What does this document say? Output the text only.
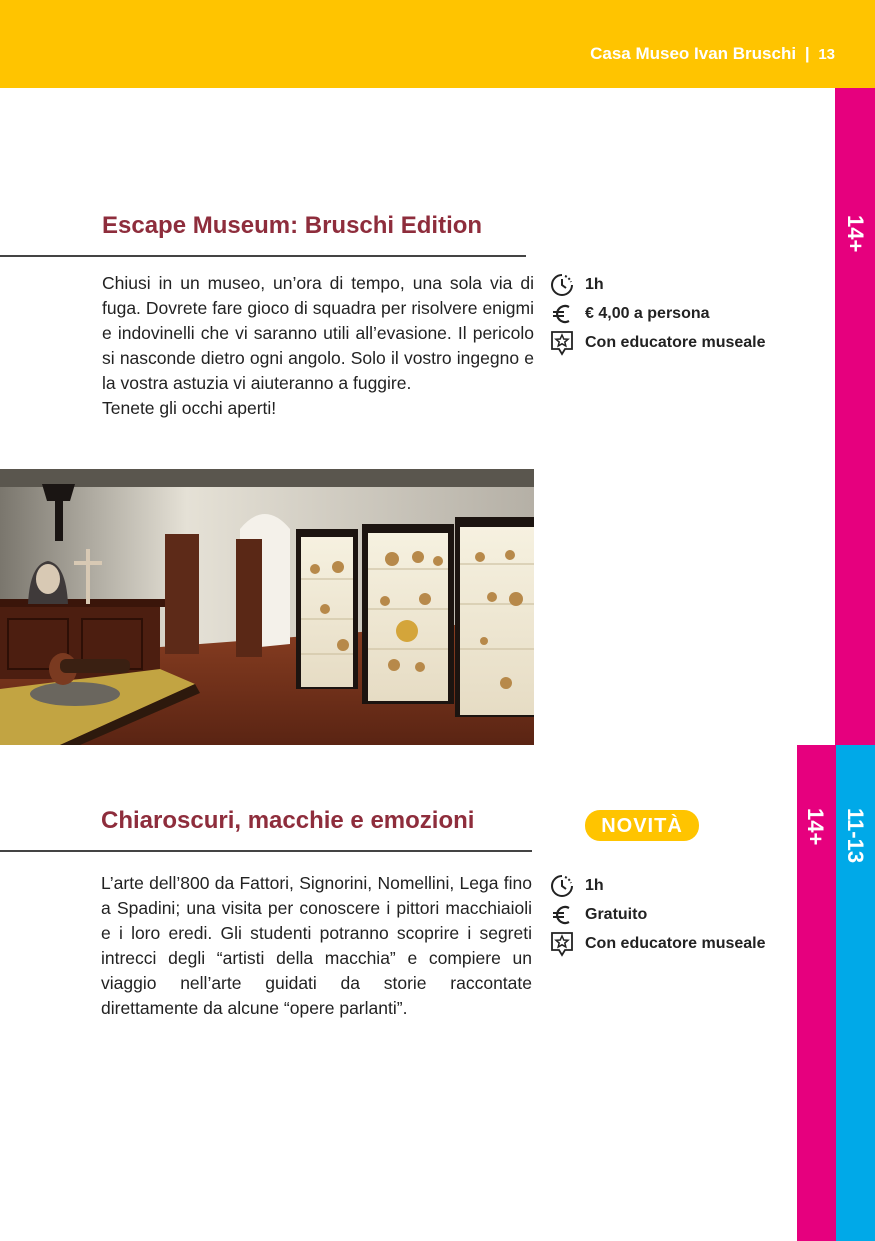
Casa Museo Ivan Bruschi | 13
14+
14+ 11-13
Escape Museum: Bruschi Edition

Chiusi in un museo, un’ora di tempo, una sola via di fuga. Dovrete fare gioco di squadra per risolvere enigmi e indovinelli che vi saranno utili all’evasione. Il pericolo si nasconde dietro ogni angolo. Solo il vostro ingegno e la vostra astuzia vi aiuteranno a fuggire.

Tenete gli occhi aperti!

1h
€ 4,00 a persona
Con educatore museale
Chiaroscuri, macchie e emozioni	NOVITÀ

L’arte dell’800 da Fattori, Signorini, Nomellini, Lega fino a Spadini; una visita per conoscere i pittori macchiaioli e i loro eredi. Gli studenti potranno scoprire i segreti intrecci degli “artisti della macchia” e compiere un viaggio nell’arte guidati da storie raccontate direttamente da alcune “opere parlanti”.

1h
Gratuito
Con educatore museale
